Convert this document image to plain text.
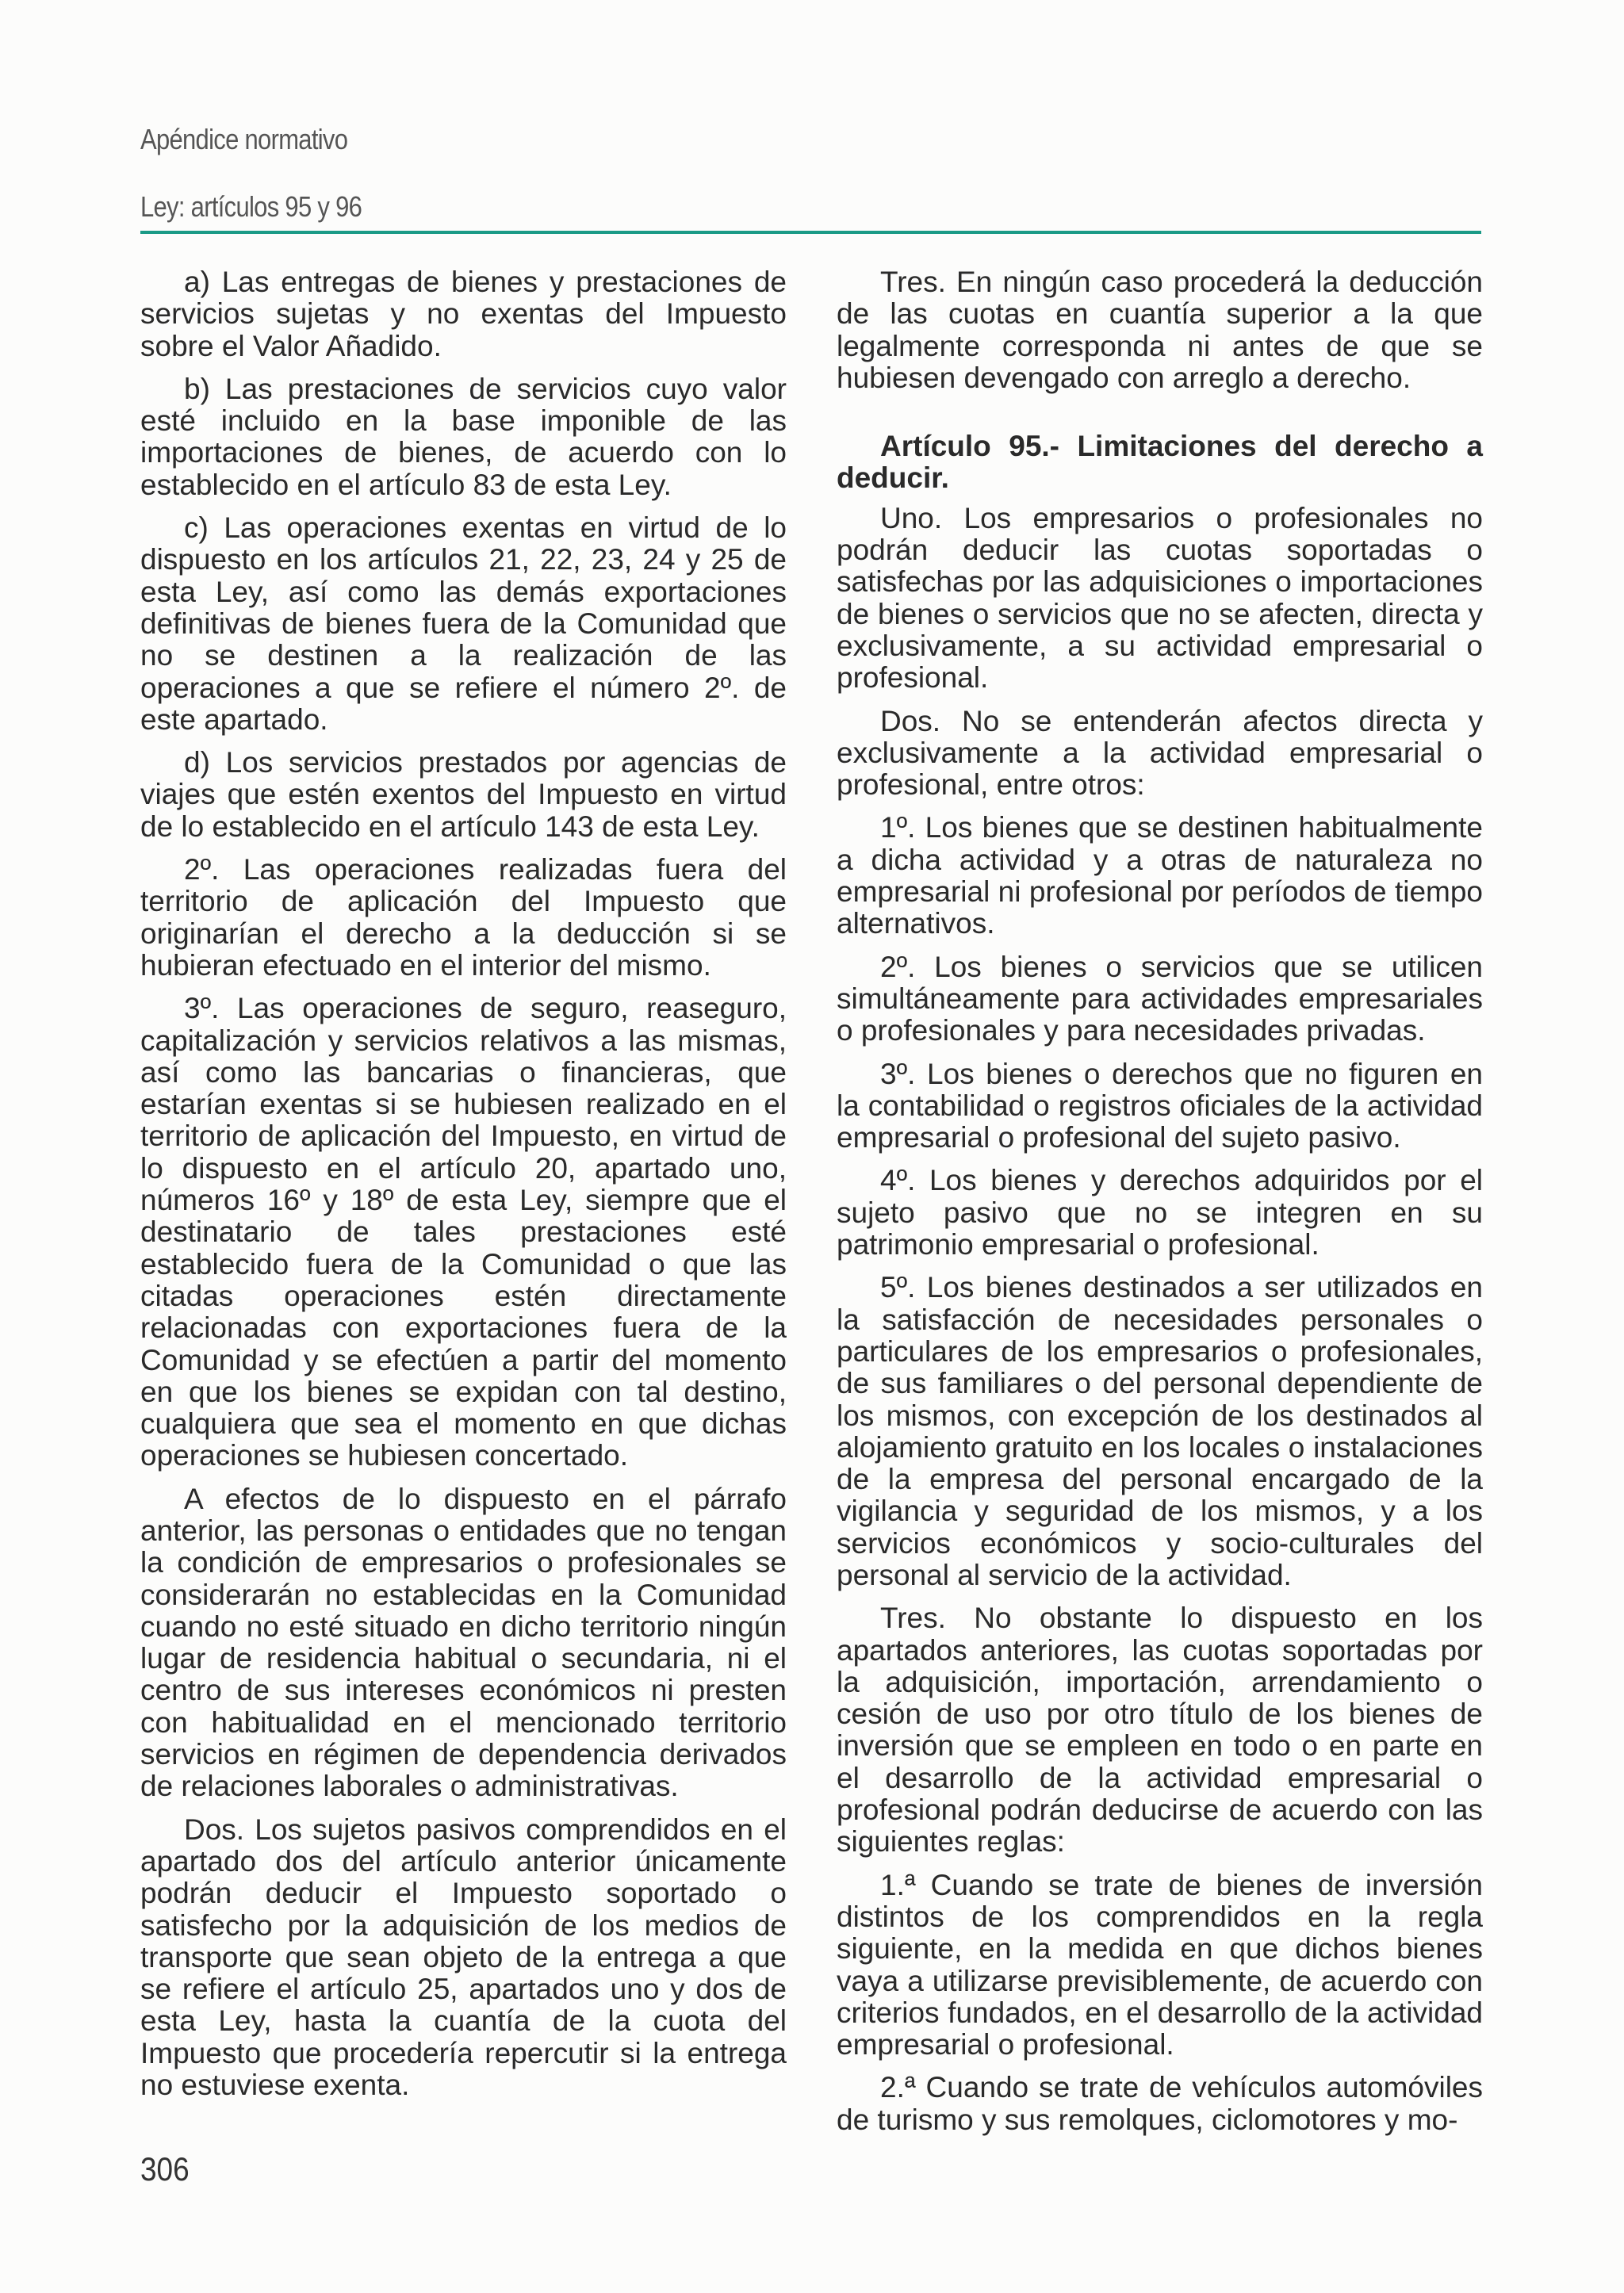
Apéndice normativo
Ley: artículos 95 y 96

a) Las entregas de bienes y prestaciones de servicios sujetas y no exentas del Impuesto sobre el Valor Añadido.

b) Las prestaciones de servicios cuyo valor esté incluido en la base imponible de las importaciones de bienes, de acuerdo con lo establecido en el artículo 83 de esta Ley.

c) Las operaciones exentas en virtud de lo dispuesto en los artículos 21, 22, 23, 24 y 25 de esta Ley, así como las demás exportaciones definitivas de bienes fuera de la Comunidad que no se destinen a la realización de las operaciones a que se refiere el número 2º. de este apartado.

d) Los servicios prestados por agencias de viajes que estén exentos del Impuesto en virtud de lo establecido en el artículo 143 de esta Ley.

2º. Las operaciones realizadas fuera del territorio de aplicación del Impuesto que originarían el derecho a la deducción si se hubieran efectuado en el interior del mismo.

3º. Las operaciones de seguro, reaseguro, capitalización y servicios relativos a las mismas, así como las bancarias o financieras, que estarían exentas si se hubiesen realizado en el territorio de aplicación del Impuesto, en virtud de lo dispuesto en el artículo 20, apartado uno, números 16º y 18º de esta Ley, siempre que el destinatario de tales prestaciones esté establecido fuera de la Comunidad o que las citadas operaciones estén directamente relacionadas con exportaciones fuera de la Comunidad y se efectúen a partir del momento en que los bienes se expidan con tal destino, cualquiera que sea el momento en que dichas operaciones se hubiesen concertado.

A efectos de lo dispuesto en el párrafo anterior, las personas o entidades que no tengan la condición de empresarios o profesionales se considerarán no establecidas en la Comunidad cuando no esté situado en dicho territorio ningún lugar de residencia habitual o secundaria, ni el centro de sus intereses económicos ni presten con habitualidad en el mencionado territorio servicios en régimen de dependencia derivados de relaciones laborales o administrativas.

Dos. Los sujetos pasivos comprendidos en el apartado dos del artículo anterior únicamente podrán deducir el Impuesto soportado o satisfecho por la adquisición de los medios de transporte que sean objeto de la entrega a que se refiere el artículo 25, apartados uno y dos de esta Ley, hasta la cuantía de la cuota del Impuesto que procedería repercutir si la entrega no estuviese exenta.

Tres. En ningún caso procederá la deducción de las cuotas en cuantía superior a la que legalmente corresponda ni antes de que se hubiesen devengado con arreglo a derecho.

Artículo 95.- Limitaciones del derecho a deducir.

Uno. Los empresarios o profesionales no podrán deducir las cuotas soportadas o satisfechas por las adquisiciones o importaciones de bienes o servicios que no se afecten, directa y exclusivamente, a su actividad empresarial o profesional.

Dos. No se entenderán afectos directa y exclusivamente a la actividad empresarial o profesional, entre otros:

1º. Los bienes que se destinen habitualmente a dicha actividad y a otras de naturaleza no empresarial ni profesional por períodos de tiempo alternativos.

2º. Los bienes o servicios que se utilicen simultáneamente para actividades empresariales o profesionales y para necesidades privadas.

3º. Los bienes o derechos que no figuren en la contabilidad o registros oficiales de la actividad empresarial o profesional del sujeto pasivo.

4º. Los bienes y derechos adquiridos por el sujeto pasivo que no se integren en su patrimonio empresarial o profesional.

5º. Los bienes destinados a ser utilizados en la satisfacción de necesidades personales o particulares de los empresarios o profesionales, de sus familiares o del personal dependiente de los mismos, con excepción de los destinados al alojamiento gratuito en los locales o instalaciones de la empresa del personal encargado de la vigilancia y seguridad de los mismos, y a los servicios económicos y socio-culturales del personal al servicio de la actividad.

Tres. No obstante lo dispuesto en los apartados anteriores, las cuotas soportadas por la adquisición, importación, arrendamiento o cesión de uso por otro título de los bienes de inversión que se empleen en todo o en parte en el desarrollo de la actividad empresarial o profesional podrán deducirse de acuerdo con las siguientes reglas:

1.ª Cuando se trate de bienes de inversión distintos de los comprendidos en la regla siguiente, en la medida en que dichos bienes vaya a utilizarse previsiblemente, de acuerdo con criterios fundados, en el desarrollo de la actividad empresarial o profesional.

2.ª Cuando se trate de vehículos automóviles de turismo y sus remolques, ciclomotores y mo-

306
